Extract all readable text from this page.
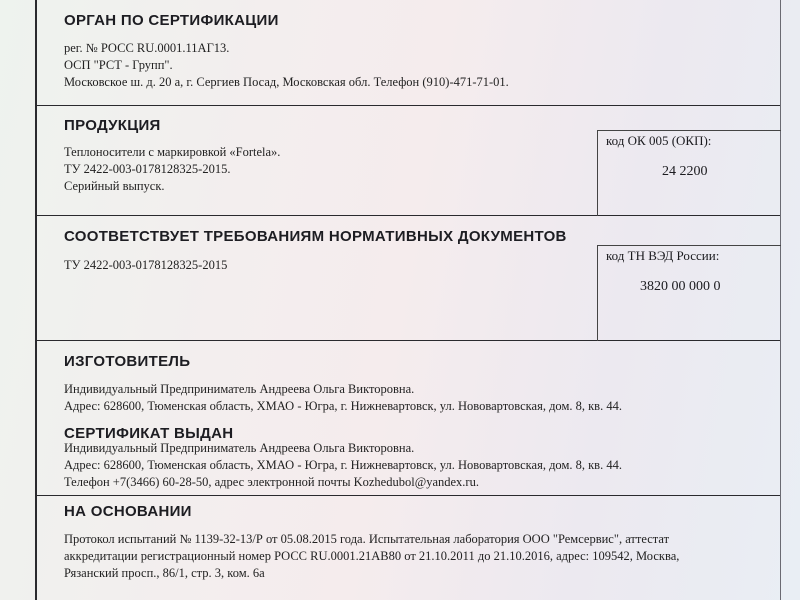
ОРГАН ПО СЕРТИФИКАЦИИ
рег. № РОСС RU.0001.11АГ13.
ОСП "РСТ - Групп".
Московское ш. д. 20 а, г. Сергиев Посад, Московская обл. Телефон (910)-471-71-01.
ПРОДУКЦИЯ
Теплоносители с маркировкой «Fortela».
ТУ 2422-003-0178128325-2015.
Серийный выпуск.
код ОК 005 (ОКП):
24 2200
СООТВЕТСТВУЕТ ТРЕБОВАНИЯМ НОРМАТИВНЫХ ДОКУМЕНТОВ
ТУ 2422-003-0178128325-2015
код ТН ВЭД России:
3820 00 000 0
ИЗГОТОВИТЕЛЬ
Индивидуальный Предприниматель Андреева Ольга Викторовна.
Адрес: 628600, Тюменская область, ХМАО - Югра, г. Нижневартовск, ул. Нововартовская, дом. 8, кв. 44.
СЕРТИФИКАТ ВЫДАН
Индивидуальный Предприниматель Андреева Ольга Викторовна.
Адрес: 628600, Тюменская область, ХМАО - Югра, г. Нижневартовск, ул. Нововартовская, дом. 8, кв. 44.
Телефон +7(3466) 60-28-50, адрес электронной почты Kozhedubol@yandex.ru.
НА ОСНОВАНИИ
Протокол испытаний № 1139-32-13/Р от 05.08.2015 года. Испытательная лаборатория ООО "Ремсервис", аттестат
аккредитации регистрационный номер РОСС RU.0001.21АВ80 от 21.10.2011 до 21.10.2016, адрес: 109542, Москва,
Рязанский просп., 86/1, стр. 3, ком. 6а
